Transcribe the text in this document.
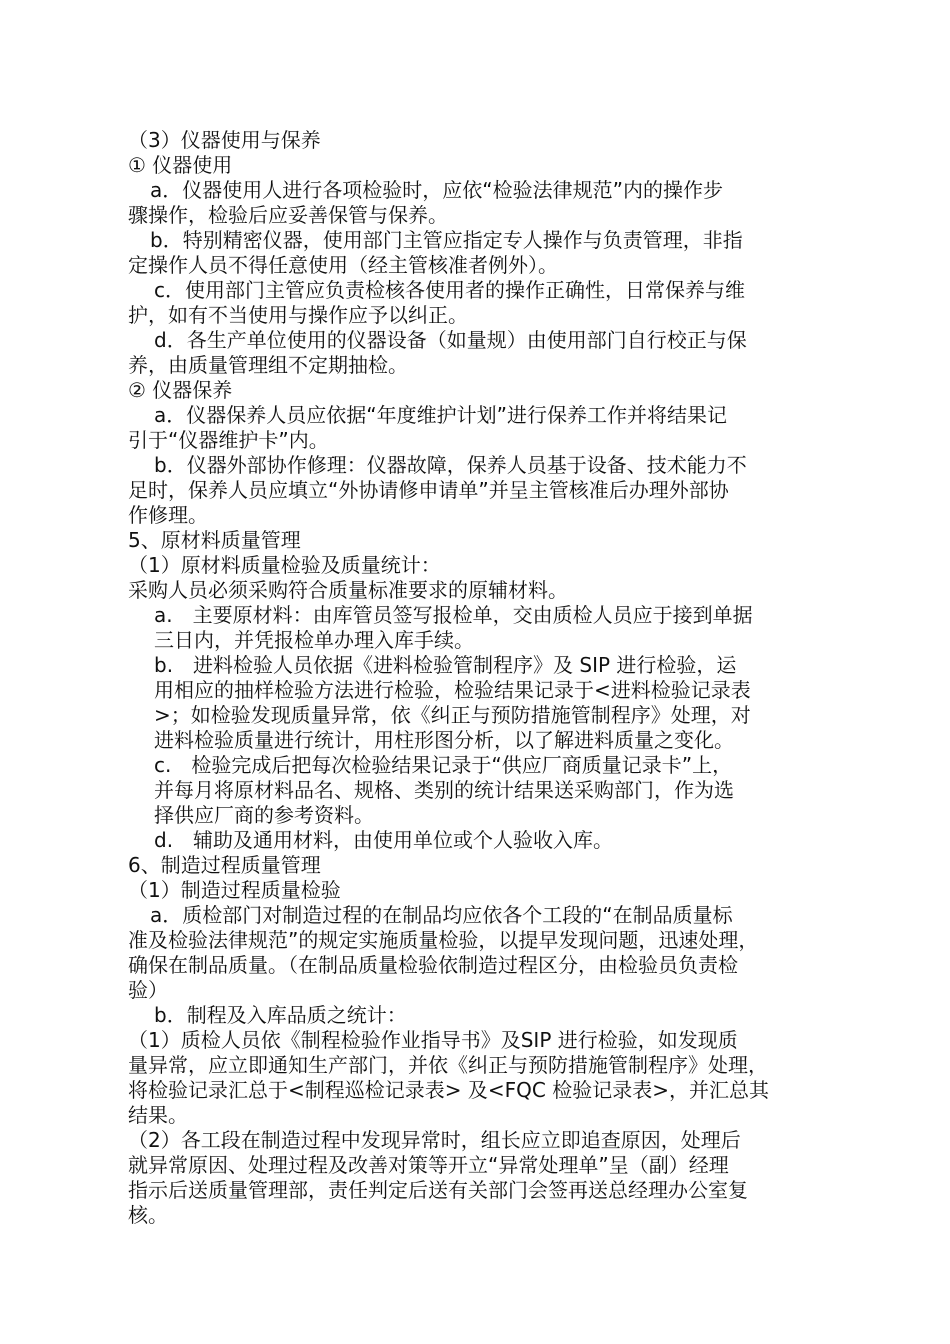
（3）仪器使用与保养
① 仪器使用
a．仪器使用人进行各项检验时，应依“检验法律规范”内的操作步
骤操作，检验后应妥善保管与保养。
b．特别精密仪器，使用部门主管应指定专人操作与负责管理，非指
定操作人员不得任意使用（经主管核准者例外）。
c．使用部门主管应负责检核各使用者的操作正确性，日常保养与维
护，如有不当使用与操作应予以纠正。
d．各生产单位使用的仪器设备（如量规）由使用部门自行校正与保
养，由质量管理组不定期抽检。
② 仪器保养
a．仪器保养人员应依据“年度维护计划”进行保养工作并将结果记
引于“仪器维护卡”内。
b．仪器外部协作修理：仪器故障，保养人员基于设备、技术能力不
足时，保养人员应填立“外协请修申请单”并呈主管核准后办理外部协
作修理。
5、原材料质量管理
（1）原材料质量检验及质量统计：
采购人员必须采购符合质量标准要求的原辅材料。
a.　主要原材料：由库管员签写报检单，交由质检人员应于接到单据
三日内，并凭报检单办理入库手续。
b.　进料检验人员依据《进料检验管制程序》及 SIP 进行检验，运
用相应的抽样检验方法进行检验，检验结果记录于<进料检验记录表
>；如检验发现质量异常，依《纠正与预防措施管制程序》处理，对
进料检验质量进行统计，用柱形图分析，以了解进料质量之变化。
c.　检验完成后把每次检验结果记录于“供应厂商质量记录卡”上，
并每月将原材料品名、规格、类别的统计结果送采购部门，作为选
择供应厂商的参考资料。
d.　辅助及通用材料，由使用单位或个人验收入库。
6、制造过程质量管理
（1）制造过程质量检验
a．质检部门对制造过程的在制品均应依各个工段的“在制品质量标
准及检验法律规范”的规定实施质量检验，以提早发现问题，迅速处理，
确保在制品质量。（在制品质量检验依制造过程区分，由检验员负责检
验）
b．制程及入库品质之统计：
（1）质检人员依《制程检验作业指导书》及SIP 进行检验，如发现质
量异常，应立即通知生产部门，并依《纠正与预防措施管制程序》处理，
将检验记录汇总于<制程巡检记录表> 及<FQC 检验记录表>，并汇总其
结果。
（2）各工段在制造过程中发现异常时，组长应立即追查原因，处理后
就异常原因、处理过程及改善对策等开立“异常处理单”呈（副）经理
指示后送质量管理部，责任判定后送有关部门会签再送总经理办公室复
核。
